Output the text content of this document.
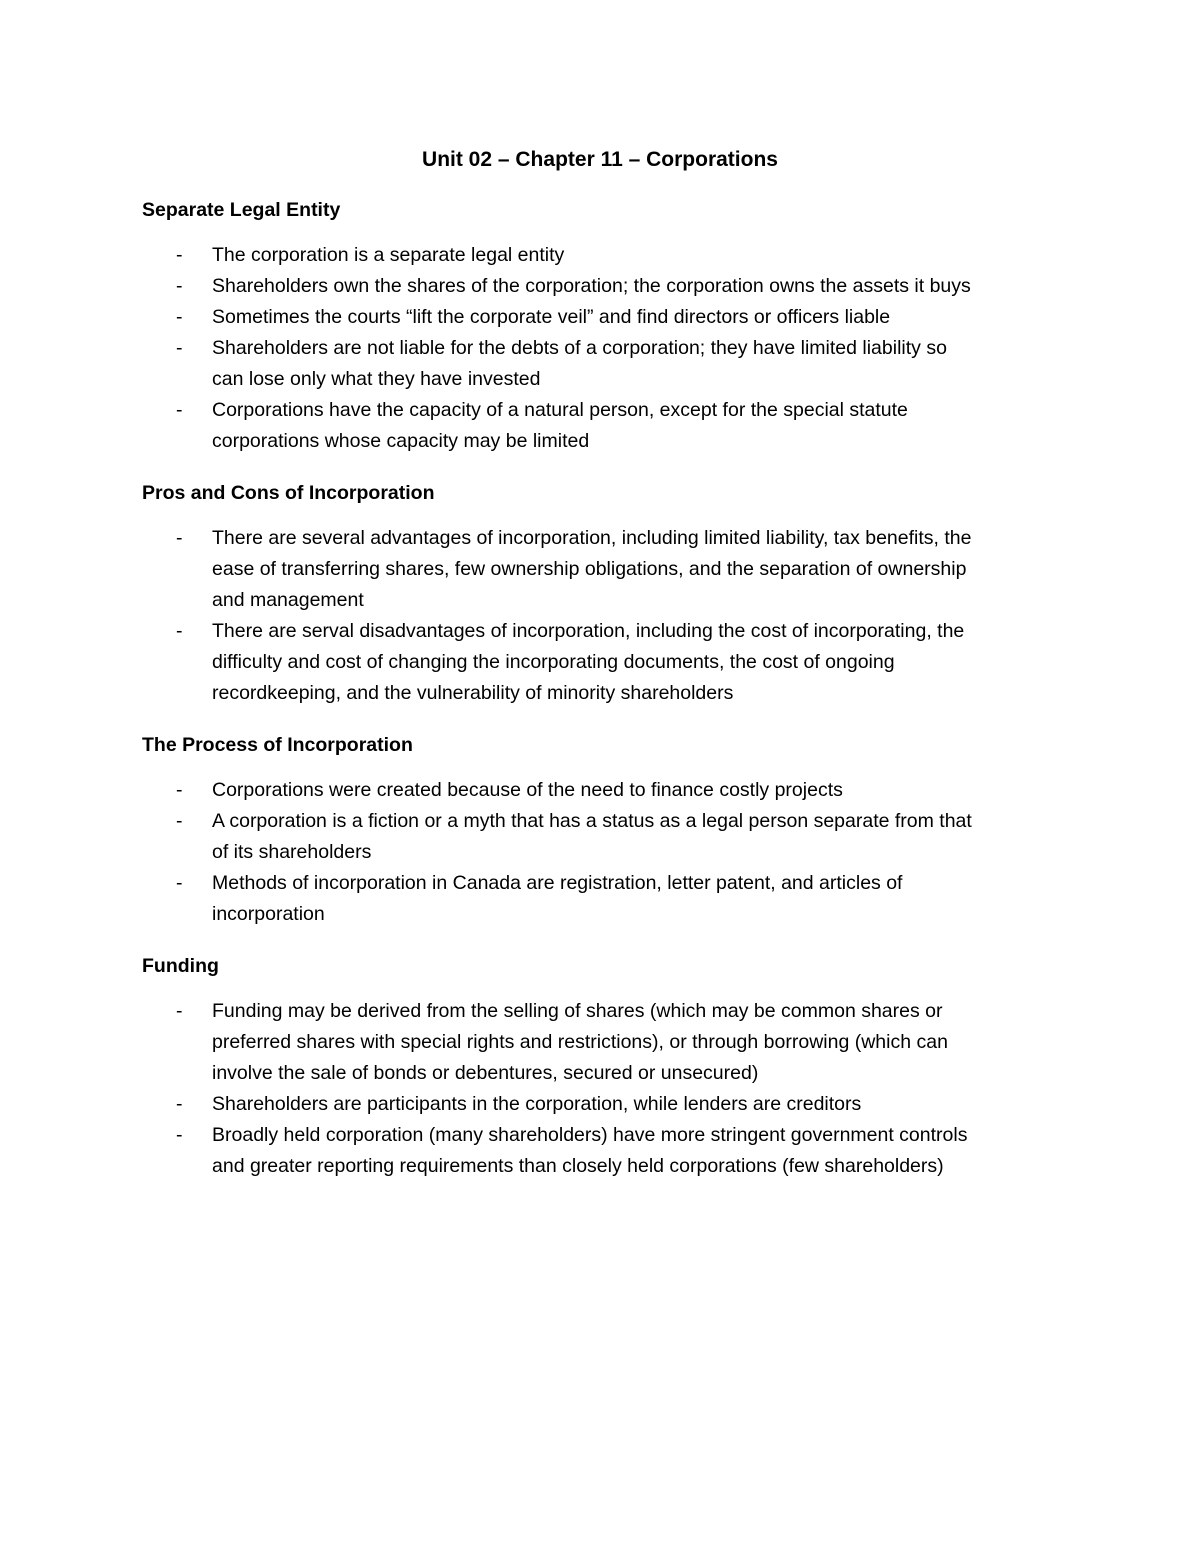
Unit 02 – Chapter 11 – Corporations
Separate Legal Entity
- The corporation is a separate legal entity
- Shareholders own the shares of the corporation; the corporation owns the assets it buys
- Sometimes the courts “lift the corporate veil” and find directors or officers liable
- Shareholders are not liable for the debts of a corporation; they have limited liability so
can lose only what they have invested
- Corporations have the capacity of a natural person, except for the special statute
corporations whose capacity may be limited
Pros and Cons of Incorporation
- There are several advantages of incorporation, including limited liability, tax benefits, the
ease of transferring shares, few ownership obligations, and the separation of ownership
and management
- There are serval disadvantages of incorporation, including the cost of incorporating, the
difficulty and cost of changing the incorporating documents, the cost of ongoing
recordkeeping, and the vulnerability of minority shareholders
The Process of Incorporation
- Corporations were created because of the need to finance costly projects
- A corporation is a fiction or a myth that has a status as a legal person separate from that
of its shareholders
- Methods of incorporation in Canada are registration, letter patent, and articles of
incorporation
Funding
- Funding may be derived from the selling of shares (which may be common shares or
preferred shares with special rights and restrictions), or through borrowing (which can
involve the sale of bonds or debentures, secured or unsecured)
- Shareholders are participants in the corporation, while lenders are creditors
- Broadly held corporation (many shareholders) have more stringent government controls
and greater reporting requirements than closely held corporations (few shareholders)
